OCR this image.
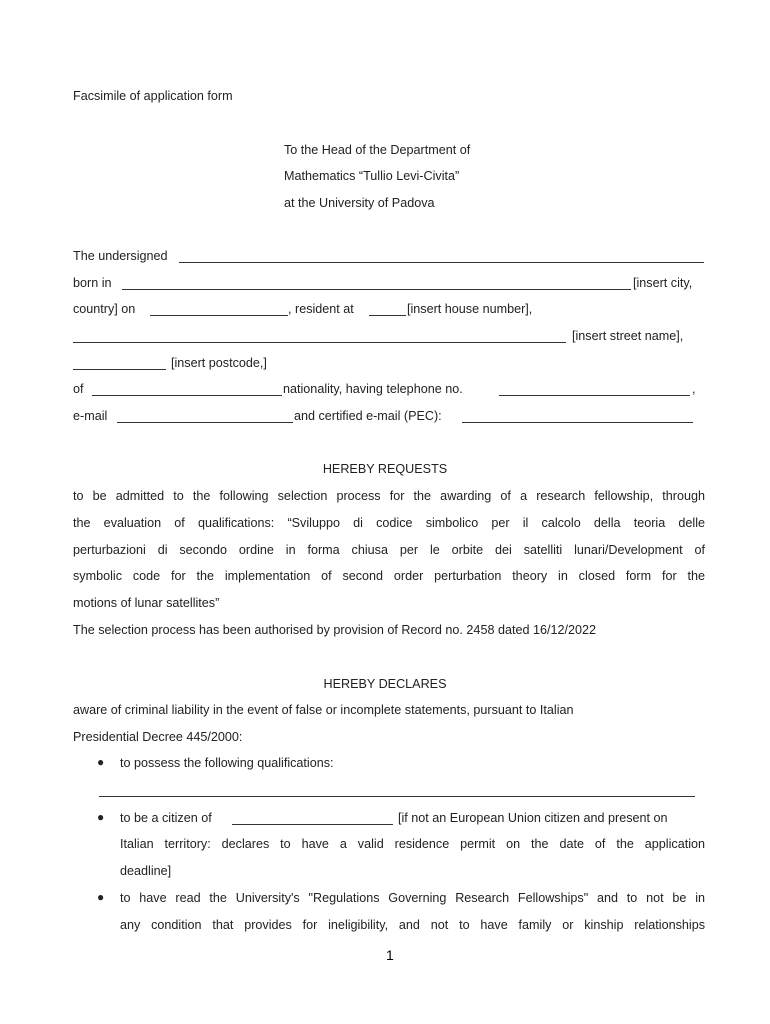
Facsimile of application form
To the Head of the Department of
Mathematics “Tullio Levi-Civita”
at the University of Padova
The undersigned
born in	[insert city,
country] on	, resident at	[insert house number],
[insert street name],
[insert postcode,]
of	nationality, having telephone no.	,
e-mail	and certified e-mail (PEC):
HEREBY REQUESTS
to be admitted to the following selection process for the awarding of a research fellowship, through
the evaluation of qualifications: “Sviluppo di codice simbolico per il calcolo della teoria delle
perturbazioni di secondo ordine in forma chiusa per le orbite dei satelliti lunari/Development of
symbolic code for the implementation of second order perturbation theory in closed form for the
motions of lunar satellites”
The selection process has been authorised by provision of Record no. 2458 dated 16/12/2022
HEREBY DECLARES
aware of criminal liability in the event of false or incomplete statements, pursuant to Italian
Presidential Decree 445/2000:
● to possess the following qualifications:
● to be a citizen of	[if not an European Union citizen and present on
Italian territory: declares to have a valid residence permit on the date of the application
deadline]
● to have read the University's "Regulations Governing Research Fellowships" and to not be in
any condition that provides for ineligibility, and not to have family or kinship relationships
1
